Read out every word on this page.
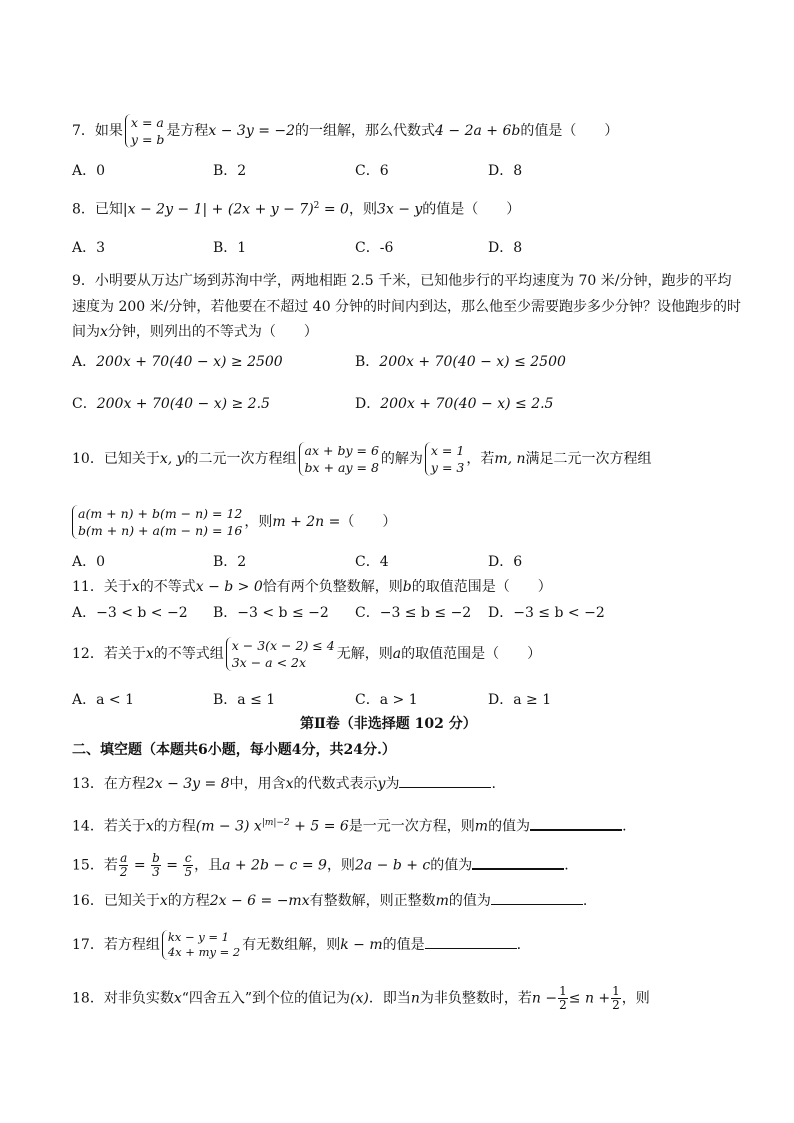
7．如果
x = a
y = b
是方程x − 3y = −2的一组解，那么代数式4 − 2a + 6b的值是（　　）
A．0	B．2	C．6	D．8
8．已知$|x - 2y - 1| + (2x + y - 7)^2 = 0$，则3x − y的值是（　　）
A．3	B．1	C．-6	D．8
9．小明要从万达广场到苏洵中学，两地相距 2.5 千米，已知他步行的平均速度为 70 米/分钟，跑步的平均
速度为 200 米/分钟，若他要在不超过 40 分钟的时间内到达，那么他至少需要跑步多少分钟？设他跑步的时
间为x分钟，则列出的不等式为（　　）
A．200x + 70(40 − x) ≥ 2500	B．200x + 70(40 − x) ≤ 2500
C．200x + 70(40 − x) ≥ 2.5	D．200x + 70(40 − x) ≤ 2.5
10．已知关于x, y的二元一次方程组
ax + by = 6
bx + ay = 8
的解为
x = 1
y = 3
，若m, n满足二元一次方程组
a(m + n) + b(m − n) = 12
b(m + n) + a(m − n) = 16
，则m + 2n =（　　）
A．0	B．2	C．4	D．6
11．关于x的不等式x − b > 0恰有两个负整数解，则b的取值范围是（　　）
A．−3 < b < −2 B．−3 < b ≤ −2 C．−3 ≤ b ≤ −2 D．−3 ≤ b < −2
12．若关于x的不等式组
x − 3(x − 2) ≤ 4
3x − a < 2x
无解，则a的取值范围是（　　）
A．a < 1	B．a ≤ 1	C．a > 1	D．a ≥ 1
第Ⅱ卷（非选择题 102 分）
二、填空题（本题共6小题，每小题4分，共24分.）
13．在方程2x − 3y = 8中，用含x的代数式表示y为	.
14．若关于x的方程(m − 3) $x^{|m|-2} + 5 = 6$是一元一次方程，则m的值为	.
15．若 $\frac{a}{2} = \frac{b}{3} = \frac{c}{5}$ ，且a + 2b − c = 9，则2a − b + c的值为	.
16．已知关于x的方程2x − 6 = −mx有整数解，则正整数m的值为	.
17．若方程组 kx − y = 1
4x + my = 2 有无数组解，则k − m的值是	.
18．对非负实数x“四舍五入”到个位的值记为(x)．即当n为非负整数时，若$n - \frac{1}{2} \le n + \frac{1}{2}$ ，则
